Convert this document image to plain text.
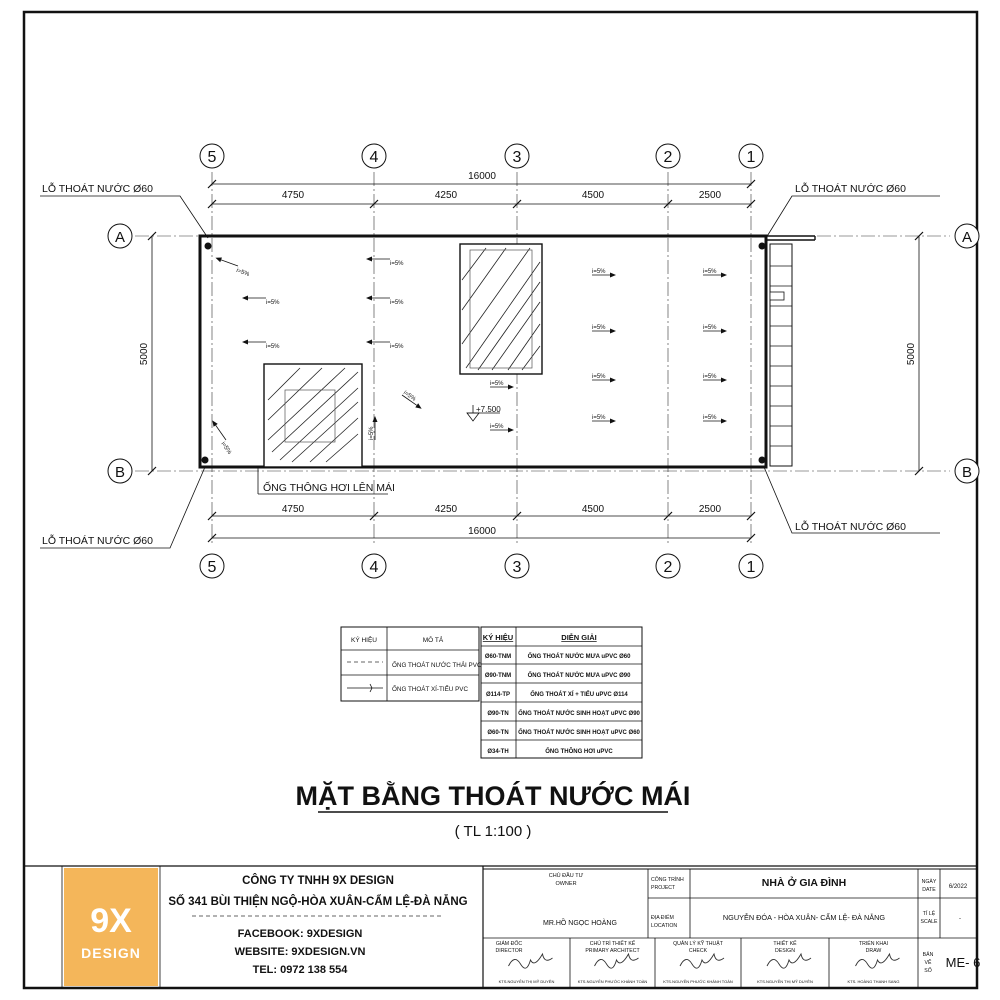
5	4	3	2	1
5	4	3	2	1
A	A
B	B
16000
4750	4250	4500	2500
4750	4250	4500	2500
16000
5000	5000
i=5%
i=5%
i=5%
i=5%
i=5%
i=5%
i=5%
i=5%
i=5%
i=5%
i=5%
i=5%
i=5%
i=5%
i=5%
i=5%
i=5%
i=5%
i=5%
+7.500
LỖ THOÁT NƯỚC Ø60	LỖ THOÁT NƯỚC Ø60
LỖ THOÁT NƯỚC Ø60
LỖ THOÁT NƯỚC Ø60
ỐNG THÔNG HƠI LÊN MÁI
KÝ HIỆU	MÔ TẢ
ỐNG THOÁT NƯỚC THẢI PVC
ỐNG THOÁT XÍ-TIỂU PVC
KÝ HIỆU	DIỄN GIẢI
Ø60-TNM	ỐNG THOÁT NƯỚC MƯA uPVC Ø60
Ø90-TNM	ỐNG THOÁT NƯỚC MƯA uPVC Ø90
Ø114-TP	ỐNG THOÁT XÍ + TIỂU uPVC Ø114
Ø90-TN ỐNG THOÁT NƯỚC SINH HOẠT uPVC Ø90
Ø60-TN ỐNG THOÁT NƯỚC SINH HOẠT uPVC Ø60
Ø34-TH	ỐNG THÔNG HƠI uPVC
MẶT BẰNG THOÁT NƯỚC MÁI
( TL 1:100 )
9X
DESIGN
CÔNG TY TNHH 9X DESIGN
SỐ 341 BÙI THIỆN NGỘ-HÒA XUÂN-CẨM LỆ-ĐÀ NẴNG
FACEBOOK: 9XDESIGN
WEBSITE: 9XDESIGN.VN
TEL: 0972 138 554
CHỦ ĐẦU TƯ
OWNER
MR.HỒ NGỌC HOÀNG
CÔNG TRÌNH
PROJECT	NHÀ Ở GIA ĐÌNH
ĐỊA ĐIỂM
LOCATION
NGUYỄN ĐÓA - HÒA XUÂN- CẨM LỆ- ĐÀ NẴNG
NGÀY
DATE 6/2022
TỈ LỆ
SCALE	-
BẢN
VẼ
SỐ
ME- 6
GIÁM ĐỐC
DIRECTOR
KTS.NGUYỄN THỊ MỸ DUYÊN
CHỦ TRÌ THIẾT KẾ
PRIMARY ARCHITECT
KTS.NGUYỄN PHƯỚC KHÁNH TOÀN
QUẢN LÝ KỸ THUẬT
CHECK
KTS.NGUYỄN PHƯỚC KHÁNH TOÀN
THIẾT KẾ
DESIGN
KTS.NGUYỄN THỊ MỸ DUYÊN
TRIỂN KHAI
DRAW
KTS. HOÀNG THANH SANG
